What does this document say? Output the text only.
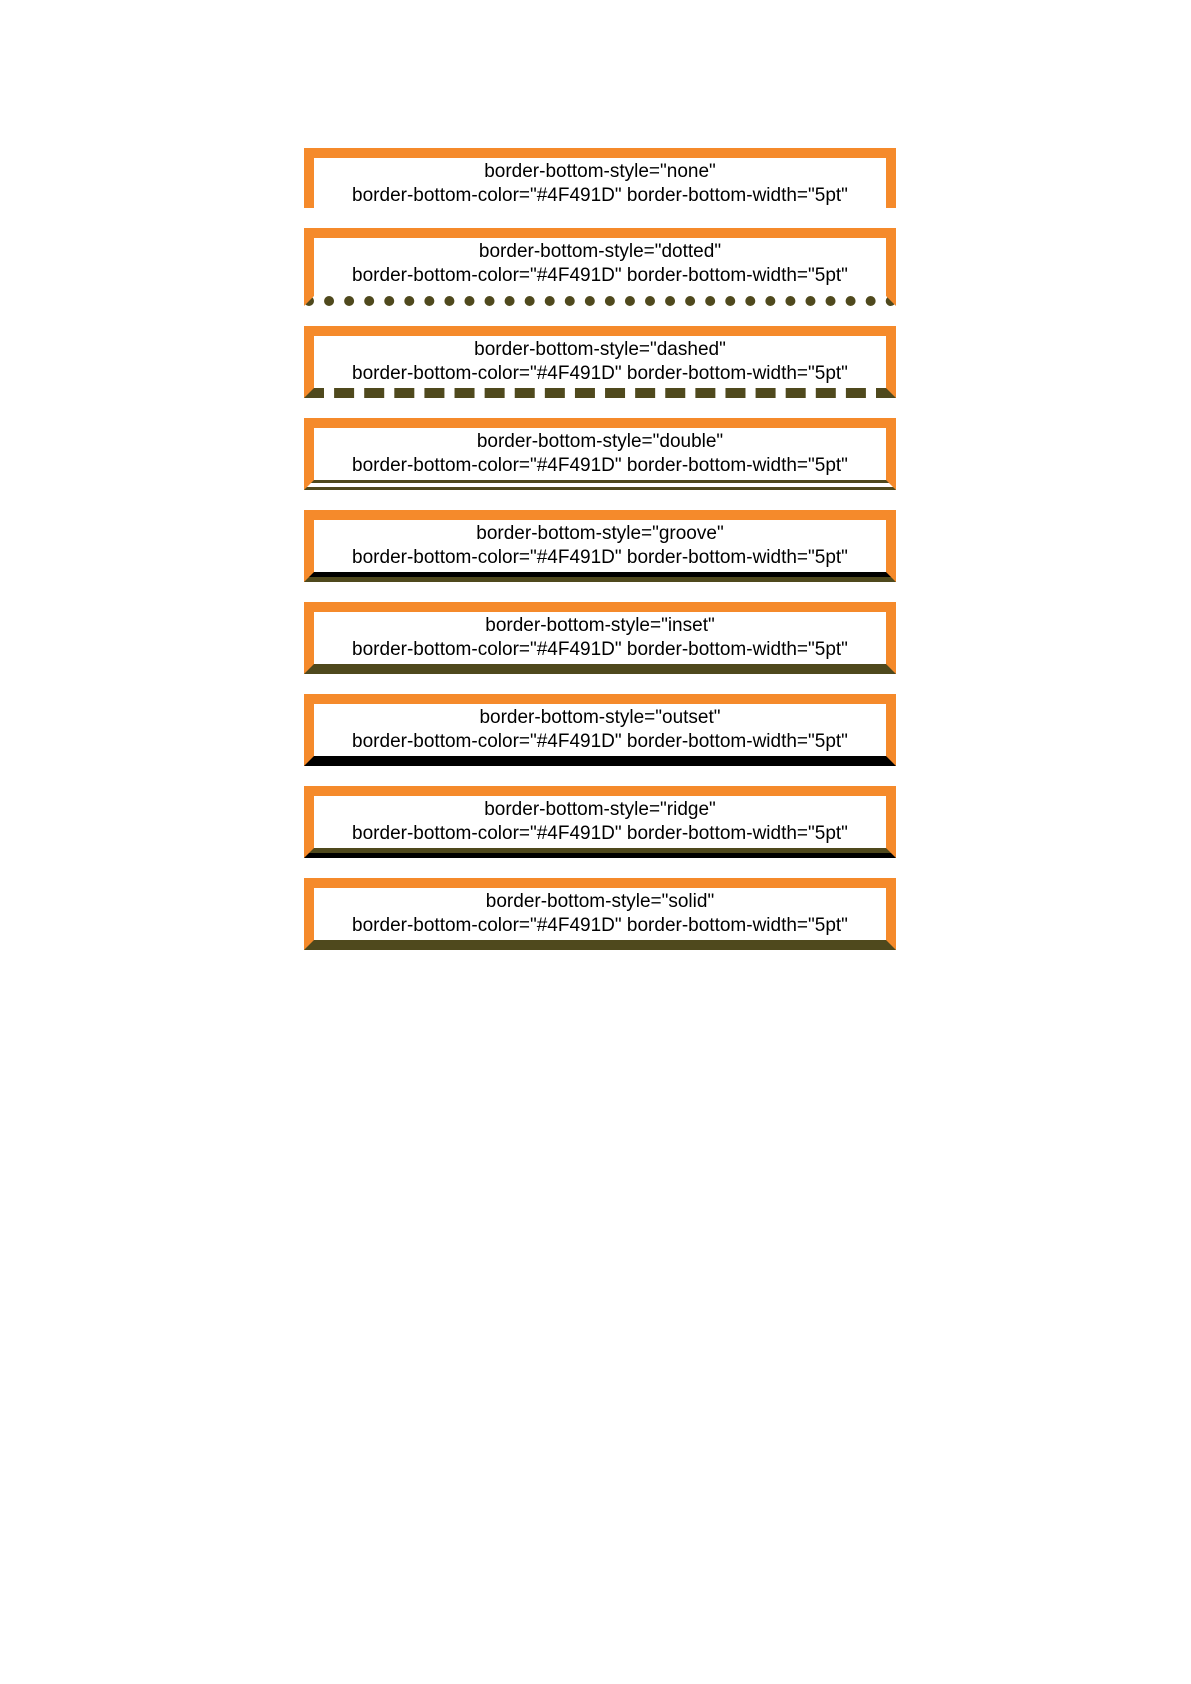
border-bottom-style="none"
border-bottom-color="#4F491D" border-bottom-width="5pt"
border-bottom-style="dotted"
border-bottom-color="#4F491D" border-bottom-width="5pt"
border-bottom-style="dashed"
border-bottom-color="#4F491D" border-bottom-width="5pt"
border-bottom-style="double"
border-bottom-color="#4F491D" border-bottom-width="5pt"
border-bottom-style="groove"
border-bottom-color="#4F491D" border-bottom-width="5pt"
border-bottom-style="inset"
border-bottom-color="#4F491D" border-bottom-width="5pt"
border-bottom-style="outset"
border-bottom-color="#4F491D" border-bottom-width="5pt"
border-bottom-style="ridge"
border-bottom-color="#4F491D" border-bottom-width="5pt"
border-bottom-style="solid"
border-bottom-color="#4F491D" border-bottom-width="5pt"
